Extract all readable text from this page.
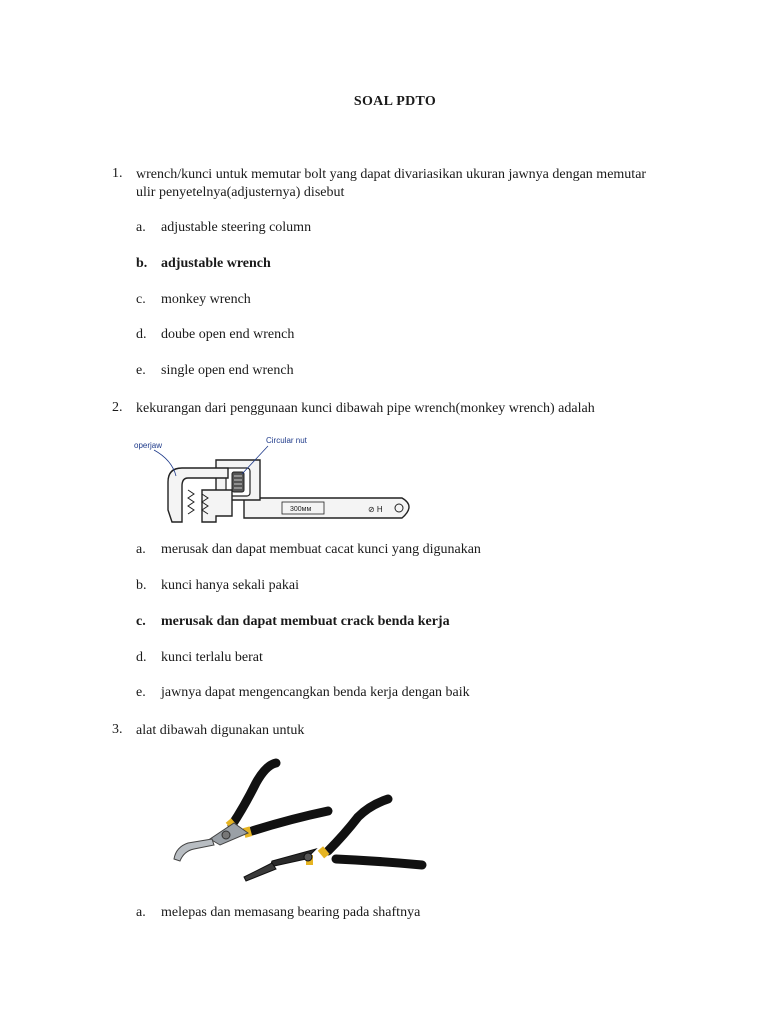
SOAL PDTO
1. wrench/kunci untuk memutar bolt yang dapat divariasikan ukuran jawnya dengan memutar ulir penyetelnya(adjusternya) disebut
a. adjustable steering column
b. adjustable wrench
c. monkey wrench
d. doube open end wrench
e. single open end wrench
2. kekurangan dari penggunaan kunci dibawah pipe wrench(monkey wrench) adalah
300мм	⊘ H
operjaw
Circular nut
a. merusak dan dapat membuat cacat kunci yang digunakan
b. kunci hanya sekali pakai
c. merusak dan dapat membuat crack benda kerja
d. kunci terlalu berat
e. jawnya dapat mengencangkan benda kerja dengan baik
3. alat dibawah digunakan untuk
a. melepas dan memasang bearing pada shaftnya
